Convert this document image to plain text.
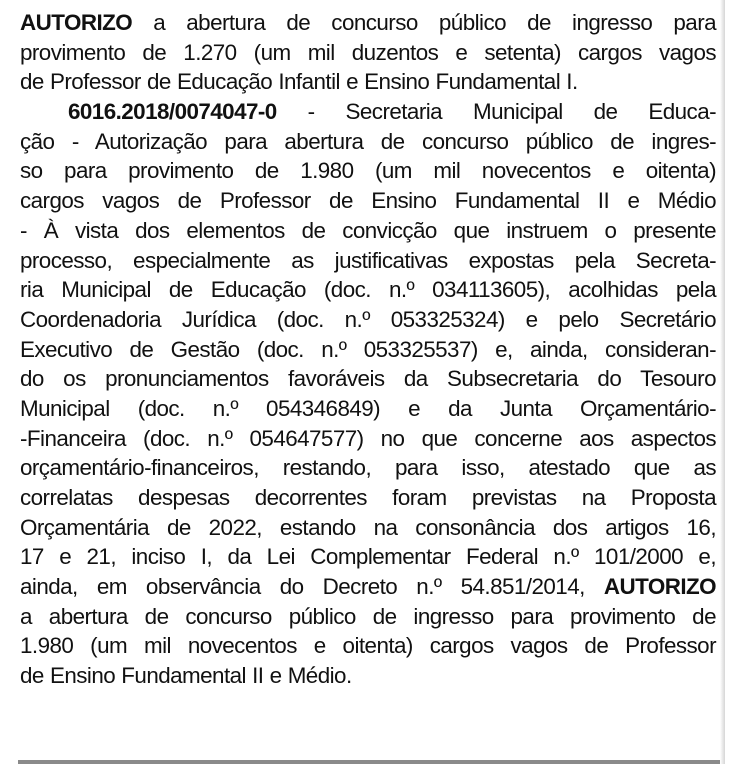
AUTORIZO a abertura de concurso público de ingresso para
provimento de 1.270 (um mil duzentos e setenta) cargos vagos
de Professor de Educação Infantil e Ensino Fundamental I.
6016.2018/0074047-0 - Secretaria Municipal de Educa-
ção - Autorização para abertura de concurso público de ingres-
so para provimento de 1.980 (um mil novecentos e oitenta)
cargos vagos de Professor de Ensino Fundamental II e Médio
- À vista dos elementos de convicção que instruem o presente
processo, especialmente as justificativas expostas pela Secreta-
ria Municipal de Educação (doc. n.º 034113605), acolhidas pela
Coordenadoria Jurídica (doc. n.º 053325324) e pelo Secretário
Executivo de Gestão (doc. n.º 053325537) e, ainda, consideran-
do os pronunciamentos favoráveis da Subsecretaria do Tesouro
Municipal (doc. n.º 054346849) e da Junta Orçamentário-
-Financeira (doc. n.º 054647577) no que concerne aos aspectos
orçamentário-financeiros, restando, para isso, atestado que as
correlatas despesas decorrentes foram previstas na Proposta
Orçamentária de 2022, estando na consonância dos artigos 16,
17 e 21, inciso I, da Lei Complementar Federal n.º 101/2000 e,
ainda, em observância do Decreto n.º 54.851/2014, AUTORIZO
a abertura de concurso público de ingresso para provimento de
1.980 (um mil novecentos e oitenta) cargos vagos de Professor
de Ensino Fundamental II e Médio.
